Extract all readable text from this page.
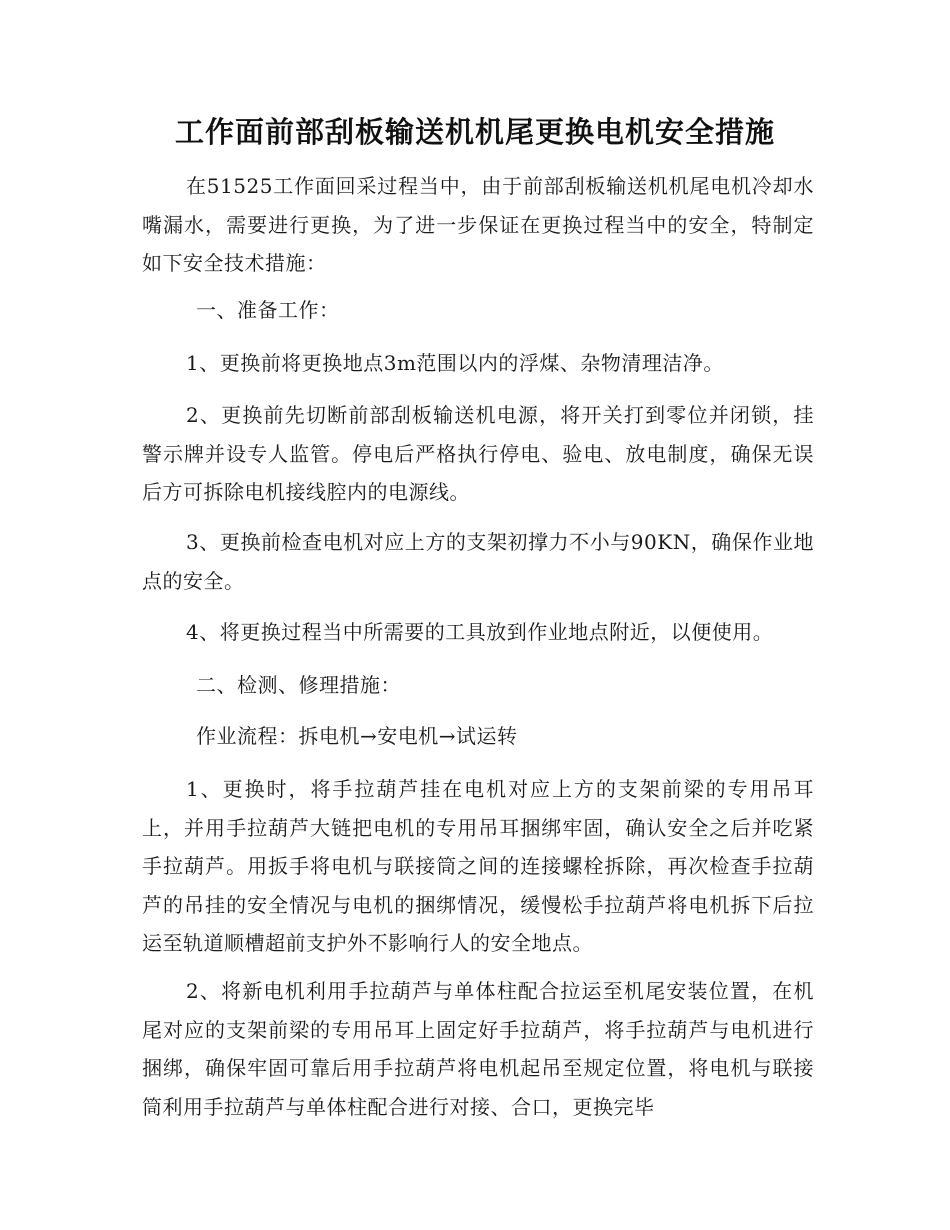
工作面前部刮板输送机机尾更换电机安全措施

在51525工作面回采过程当中，由于前部刮板输送机机尾电机冷却水嘴漏水，需要进行更换，为了进一步保证在更换过程当中的安全，特制定如下安全技术措施：

一、准备工作：

1、更换前将更换地点3m范围以内的浮煤、杂物清理洁净。

2、更换前先切断前部刮板输送机电源，将开关打到零位并闭锁，挂警示牌并设专人监管。停电后严格执行停电、验电、放电制度，确保无误后方可拆除电机接线腔内的电源线。

3、更换前检查电机对应上方的支架初撑力不小与90KN，确保作业地点的安全。

4、将更换过程当中所需要的工具放到作业地点附近，以便使用。

二、检测、修理措施：
作业流程：拆电机→安电机→试运转

1、更换时，将手拉葫芦挂在电机对应上方的支架前梁的专用吊耳上，并用手拉葫芦大链把电机的专用吊耳捆绑牢固，确认安全之后并吃紧手拉葫芦。用扳手将电机与联接筒之间的连接螺栓拆除，再次检查手拉葫芦的吊挂的安全情况与电机的捆绑情况，缓慢松手拉葫芦将电机拆下后拉运至轨道顺槽超前支护外不影响行人的安全地点。

2、将新电机利用手拉葫芦与单体柱配合拉运至机尾安装位置，在机尾对应的支架前梁的专用吊耳上固定好手拉葫芦，将手拉葫芦与电机进行捆绑，确保牢固可靠后用手拉葫芦将电机起吊至规定位置，将电机与联接筒利用手拉葫芦与单体柱配合进行对接、合口，更换完毕
